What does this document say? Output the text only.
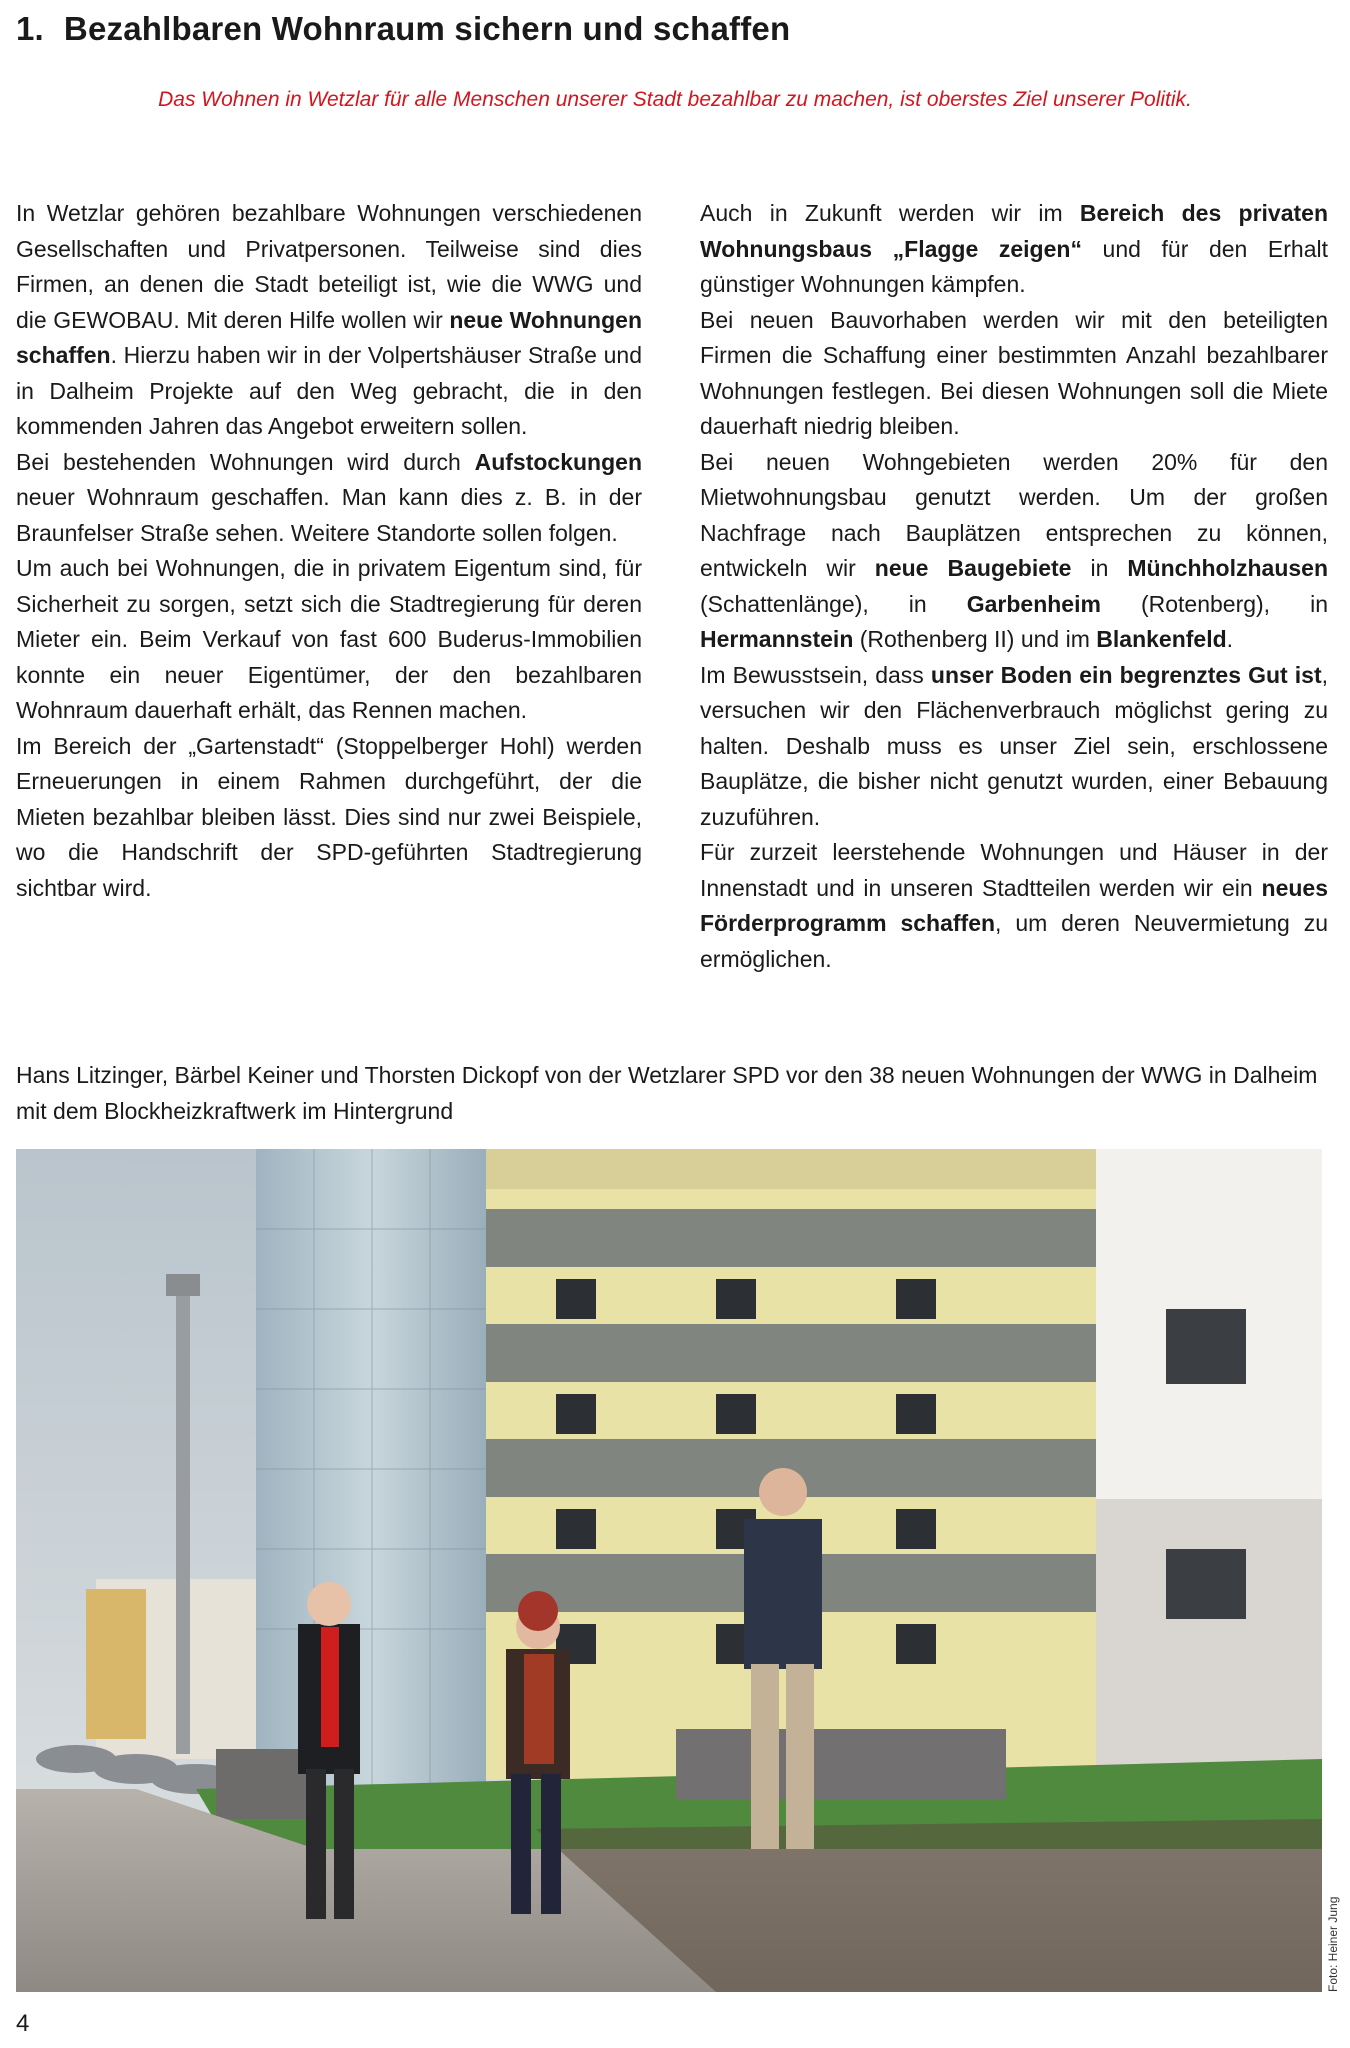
1. Bezahlbaren Wohnraum sichern und schaffen
Das Wohnen in Wetzlar für alle Menschen unserer Stadt bezahlbar zu machen, ist oberstes Ziel unserer Politik.

In Wetzlar gehören bezahlbare Wohnungen verschiedenen Gesellschaften und Privatpersonen. Teilweise sind dies Firmen, an denen die Stadt beteiligt ist, wie die WWG und die GEWOBAU. Mit deren Hilfe wollen wir neue Wohnungen schaffen. Hierzu haben wir in der Volpertshäuser Straße und in Dalheim Projekte auf den Weg gebracht, die in den kommenden Jahren das Angebot erweitern sollen.

Bei bestehenden Wohnungen wird durch Aufstockungen neuer Wohnraum geschaffen. Man kann dies z. B. in der Braunfelser Straße sehen. Weitere Standorte sollen folgen.

Um auch bei Wohnungen, die in privatem Eigentum sind, für Sicherheit zu sorgen, setzt sich die Stadtregierung für deren Mieter ein. Beim Verkauf von fast 600 Buderus-Immobilien konnte ein neuer Eigentümer, der den bezahlbaren Wohnraum dauerhaft erhält, das Rennen machen.

Im Bereich der „Gartenstadt“ (Stoppelberger Hohl) werden Erneuerungen in einem Rahmen durchgeführt, der die Mieten bezahlbar bleiben lässt. Dies sind nur zwei Beispiele, wo die Handschrift der SPD-geführten Stadtregierung sichtbar wird.

Auch in Zukunft werden wir im Bereich des privaten Wohnungsbaus „Flagge zeigen“ und für den Erhalt günstiger Wohnungen kämpfen.

Bei neuen Bauvorhaben werden wir mit den beteiligten Firmen die Schaffung einer bestimmten Anzahl bezahlbarer Wohnungen festlegen. Bei diesen Wohnungen soll die Miete dauerhaft niedrig bleiben.

Bei neuen Wohngebieten werden 20% für den Mietwohnungsbau genutzt werden. Um der großen Nachfrage nach Bauplätzen entsprechen zu können, entwickeln wir neue Baugebiete in Münchholzhausen (Schattenlänge), in Garbenheim (Rotenberg), in Hermannstein (Rothenberg II) und im Blankenfeld.

Im Bewusstsein, dass unser Boden ein begrenztes Gut ist, versuchen wir den Flächenverbrauch möglichst gering zu halten. Deshalb muss es unser Ziel sein, erschlossene Bauplätze, die bisher nicht genutzt wurden, einer Bebauung zuzuführen.

Für zurzeit leerstehende Wohnungen und Häuser in der Innenstadt und in unseren Stadtteilen werden wir ein neues Förderprogramm schaffen, um deren Neuvermietung zu ermöglichen.

Hans Litzinger, Bärbel Keiner und Thorsten Dickopf von der Wetzlarer SPD vor den 38 neuen Wohnungen der WWG in Dalheim mit dem Blockheizkraftwerk im Hintergrund
Foto: Heiner Jung
4
